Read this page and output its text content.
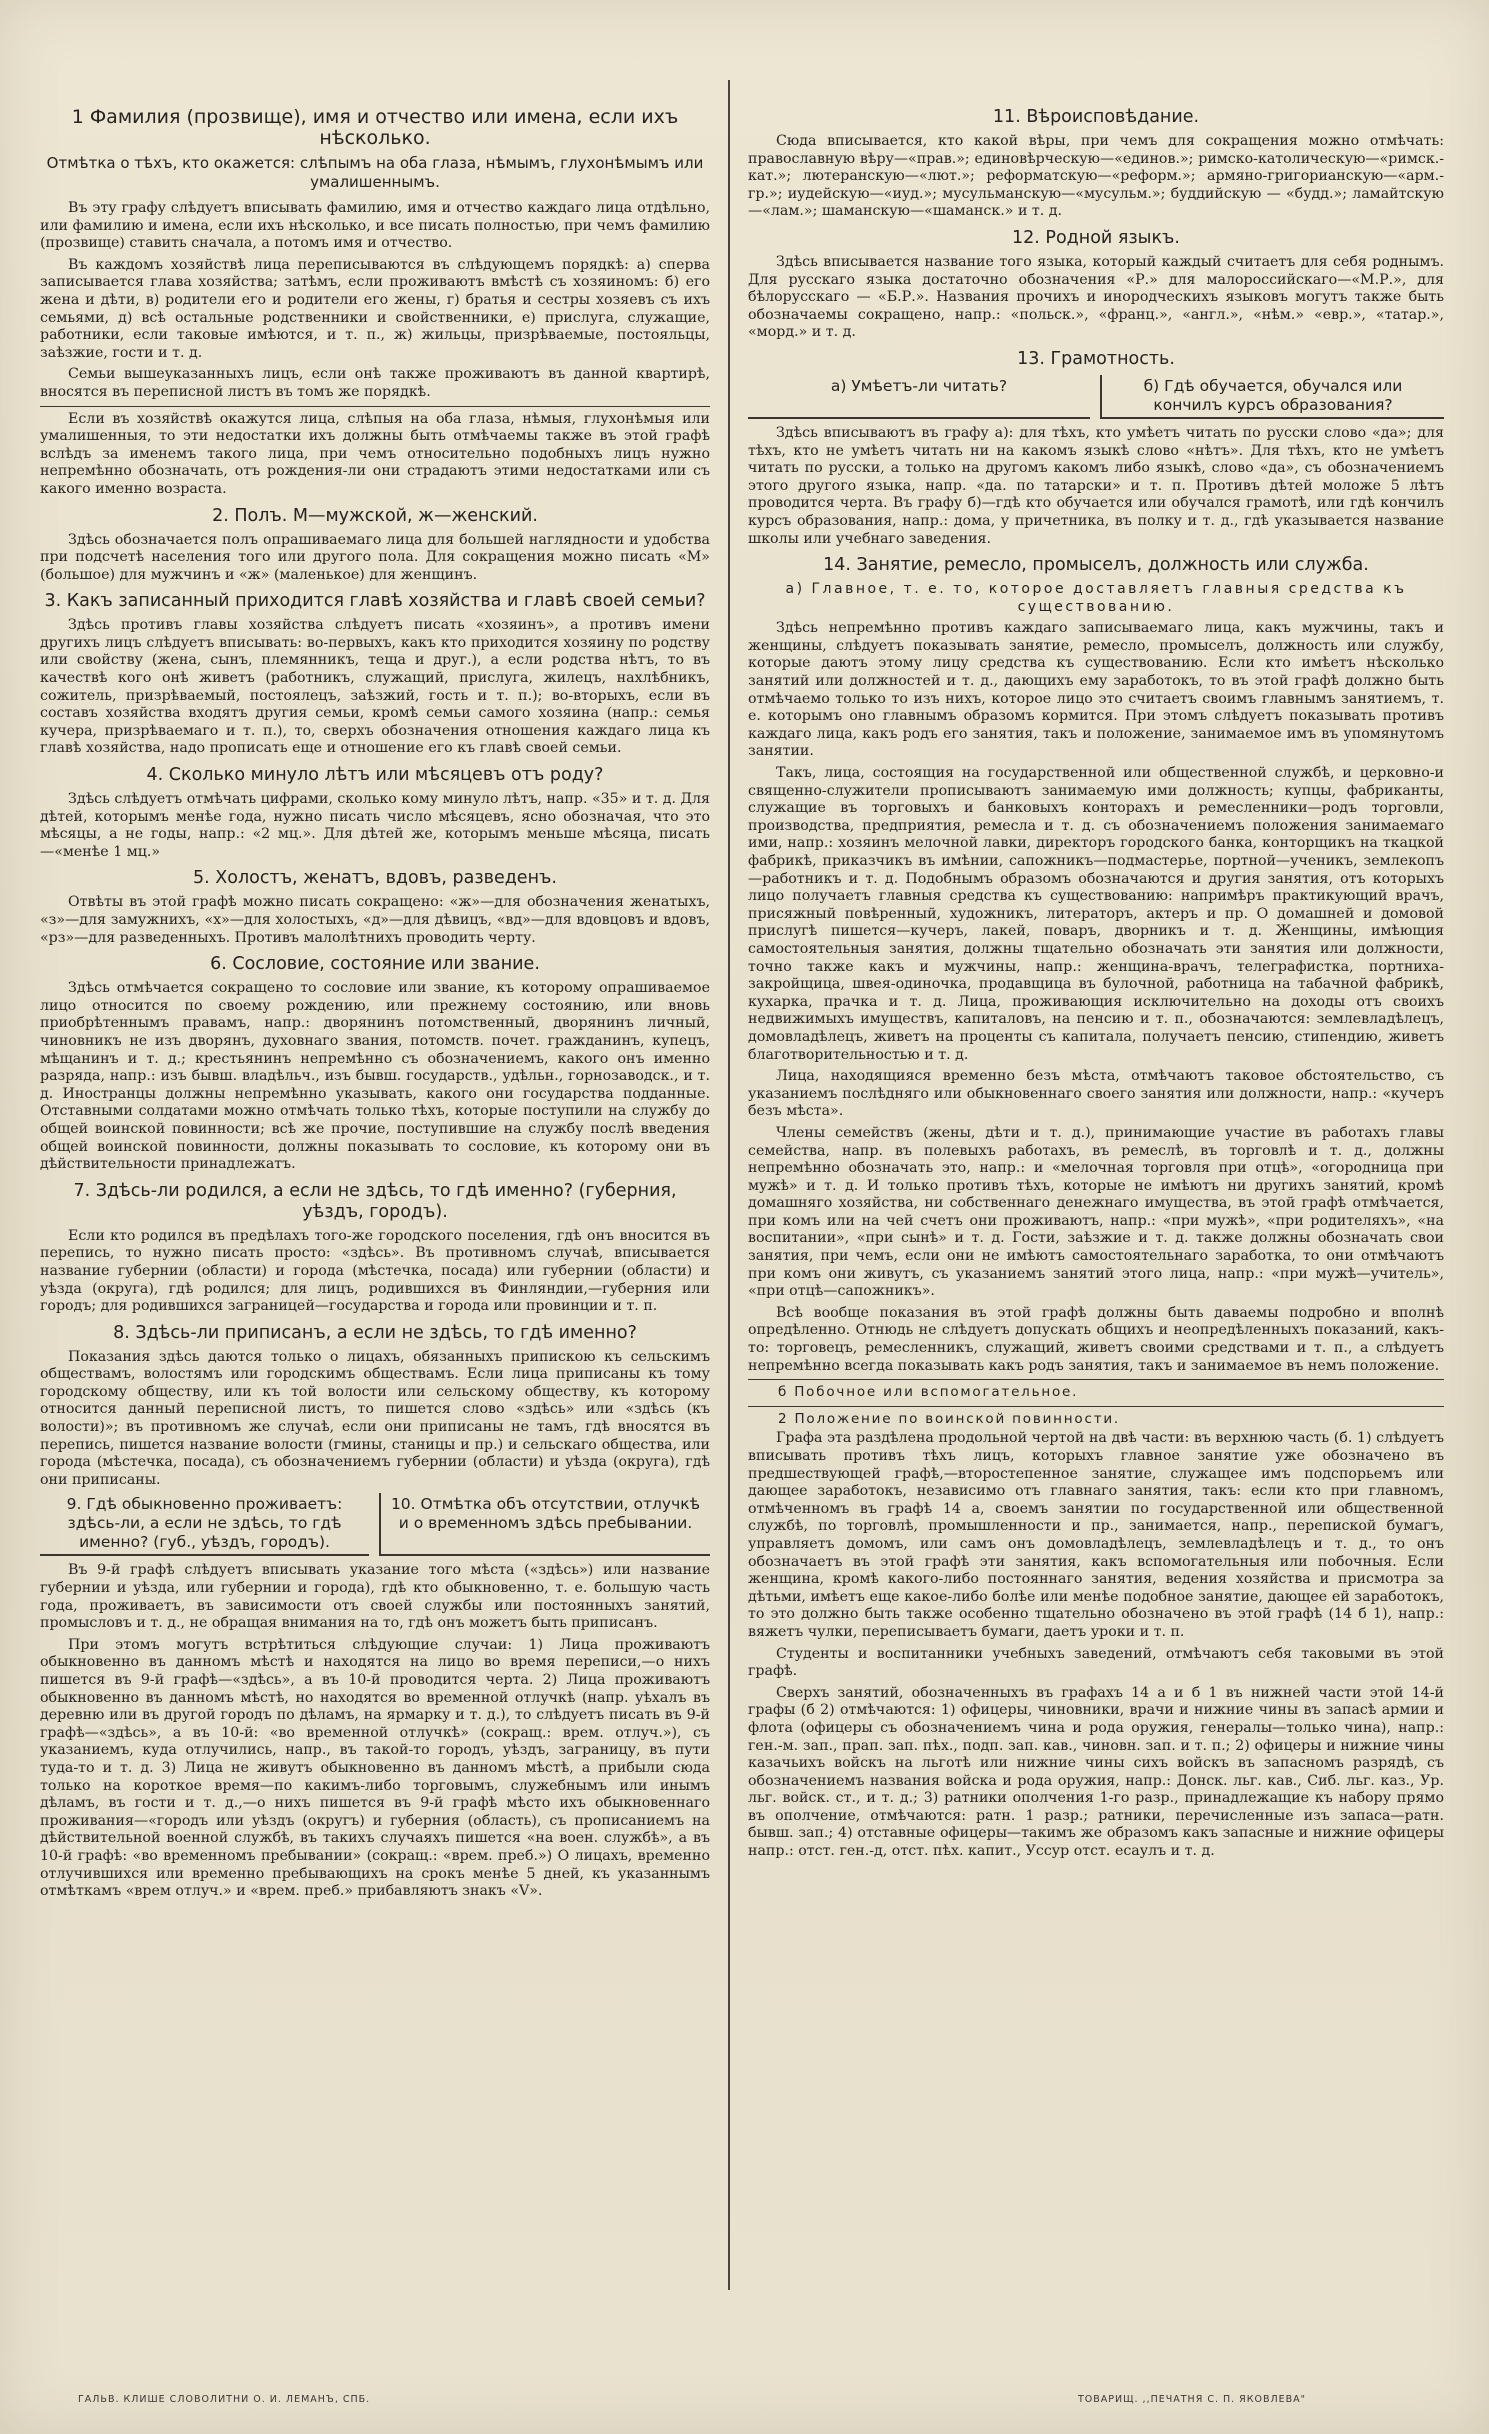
1 Фамилия (прозвище), имя и отчество или имена, если ихъ нѣсколько.
Отмѣтка о тѣхъ, кто окажется: слѣпымъ на оба глаза, нѣмымъ, глухонѣмымъ или умалишеннымъ.

Въ эту графу слѣдуетъ вписывать фамилию, имя и отчество каждаго лица отдѣльно, или фамилию и имена, если ихъ нѣсколько, и все писать полностью, при чемъ фамилию (прозвище) ставить сначала, а потомъ имя и отчество.

Въ каждомъ хозяйствѣ лица переписываются въ слѣдующемъ порядкѣ: а) сперва записывается глава хозяйства; затѣмъ, если проживаютъ вмѣстѣ съ хозяиномъ: б) его жена и дѣти, в) родители его и родители его жены, г) братья и сестры хозяевъ съ ихъ семьями, д) всѣ остальные родственники и свойственники, е) прислуга, служащие, работники, если таковые имѣются, и т. п., ж) жильцы, призрѣваемые, постояльцы, заѣзжие, гости и т. д.

Семьи вышеуказанныхъ лицъ, если онѣ также проживаютъ въ данной квартирѣ, вносятся въ переписной листъ въ томъ же порядкѣ.

Если въ хозяйствѣ окажутся лица, слѣпыя на оба глаза, нѣмыя, глухонѣмыя или умалишенныя, то эти недостатки ихъ должны быть отмѣчаемы также въ этой графѣ вслѣдъ за именемъ такого лица, при чемъ относительно подобныхъ лицъ нужно непремѣнно обозначать, отъ рождения-ли они страдаютъ этими недостатками или съ какого именно возраста.

2. Полъ. М—мужской, ж—женский.

Здѣсь обозначается полъ опрашиваемаго лица для большей наглядности и удобства при подсчетѣ населения того или другого пола. Для сокращения можно писать «М» (большое) для мужчинъ и «ж» (маленькое) для женщинъ.

3. Какъ записанный приходится главѣ хозяйства и главѣ своей семьи?

Здѣсь противъ главы хозяйства слѣдуетъ писать «хозяинъ», а противъ имени другихъ лицъ слѣдуетъ вписывать: во-первыхъ, какъ кто приходится хозяину по родству или свойству (жена, сынъ, племянникъ, теща и друг.), а если родства нѣтъ, то въ качествѣ кого онѣ живетъ (работникъ, служащий, прислуга, жилецъ, нахлѣбникъ, сожитель, призрѣваемый, постоялецъ, заѣзжий, гость и т. п.); во-вторыхъ, если въ составъ хозяйства входятъ другия семьи, кромѣ семьи самого хозяина (напр.: семья кучера, призрѣваемаго и т. п.), то, сверхъ обозначения отношения каждаго лица къ главѣ хозяйства, надо прописать еще и отношение его къ главѣ своей семьи.

4. Сколько минуло лѣтъ или мѣсяцевъ отъ роду?

Здѣсь слѣдуетъ отмѣчать цифрами, сколько кому минуло лѣтъ, напр. «35» и т. д. Для дѣтей, которымъ менѣе года, нужно писать число мѣсяцевъ, ясно обозначая, что это мѣсяцы, а не годы, напр.: «2 мц.». Для дѣтей же, которымъ меньше мѣсяца, писать—«менѣе 1 мц.»

5. Холостъ, женатъ, вдовъ, разведенъ.

Отвѣты въ этой графѣ можно писать сокращено: «ж»—для обозначения женатыхъ, «з»—для замужнихъ, «х»—для холостыхъ, «д»—для дѣвицъ, «вд»—для вдовцовъ и вдовъ, «рз»—для разведенныхъ. Противъ малолѣтнихъ проводить черту.

6. Сословие, состояние или звание.

Здѣсь отмѣчается сокращено то сословие или звание, къ которому опрашиваемое лицо относится по своему рождению, или прежнему состоянию, или вновь приобрѣтеннымъ правамъ, напр.: дворянинъ потомственный, дворянинъ личный, чиновникъ не изъ дворянъ, духовнаго звания, потомств. почет. гражданинъ, купецъ, мѣщанинъ и т. д.; крестьянинъ непремѣнно съ обозначениемъ, какого онъ именно разряда, напр.: изъ бывш. владѣльч., изъ бывш. государств., удѣльн., горнозаводск., и т. д. Иностранцы должны непремѣнно указывать, какого они государства подданные. Отставными солдатами можно отмѣчать только тѣхъ, которые поступили на службу до общей воинской повинности; всѣ же прочие, поступившие на службу послѣ введения общей воинской повинности, должны показывать то сословие, къ которому они въ дѣйствительности принадлежатъ.

7. Здѣсь-ли родился, а если не здѣсь, то гдѣ именно? (губерния, уѣздъ, городъ).

Если кто родился въ предѣлахъ того-же городского поселения, гдѣ онъ вносится въ перепись, то нужно писать просто: «здѣсь». Въ противномъ случаѣ, вписывается название губернии (области) и города (мѣстечка, посада) или губернии (области) и уѣзда (округа), гдѣ родился; для лицъ, родившихся въ Финляндии,—губерния или городъ; для родившихся заграницей—государства и города или провинции и т. п.

8. Здѣсь-ли приписанъ, а если не здѣсь, то гдѣ именно?

Показания здѣсь даются только о лицахъ, обязанныхъ припискою къ сельскимъ обществамъ, волостямъ или городскимъ обществамъ. Если лица приписаны къ тому городскому обществу, или къ той волости или сельскому обществу, къ которому относится данный переписной листъ, то пишется слово «здѣсь» или «здѣсь (къ волости)»; въ противномъ же случаѣ, если они приписаны не тамъ, гдѣ вносятся въ перепись, пишется название волости (гмины, станицы и пр.) и сельскаго общества, или города (мѣстечка, посада), съ обозначениемъ губернии (области) и уѣзда (округа), гдѣ они приписаны.

9. Гдѣ обыкновенно проживаетъ: здѣсь-ли, а если не здѣсь, то гдѣ именно? (губ., уѣздъ, городъ).
10. Отмѣтка объ отсутствии, отлучкѣ и о временномъ здѣсь пребывании.

Въ 9-й графѣ слѣдуетъ вписывать указание того мѣста («здѣсь») или название губернии и уѣзда, или губернии и города), гдѣ кто обыкновенно, т. е. большую часть года, проживаетъ, въ зависимости отъ своей службы или постоянныхъ занятий, промысловъ и т. д., не обращая внимания на то, гдѣ онъ можетъ быть приписанъ.

При этомъ могутъ встрѣтиться слѣдующие случаи: 1) Лица проживаютъ обыкновенно въ данномъ мѣстѣ и находятся на лицо во время переписи,—о нихъ пишется въ 9-й графѣ—«здѣсь», а въ 10-й проводится черта. 2) Лица проживаютъ обыкновенно въ данномъ мѣстѣ, но находятся во временной отлучкѣ (напр. уѣхалъ въ деревню или въ другой городъ по дѣламъ, на ярмарку и т. д.), то слѣдуетъ писать въ 9-й графѣ—«здѣсь», а въ 10-й: «во временной отлучкѣ» (сокращ.: врем. отлуч.»), съ указаниемъ, куда отлучились, напр., въ такой-то городъ, уѣздъ, заграницу, въ пути туда-то и т. д. 3) Лица не живутъ обыкновенно въ данномъ мѣстѣ, а прибыли сюда только на короткое время—по какимъ-либо торговымъ, служебнымъ или инымъ дѣламъ, въ гости и т. д.,—о нихъ пишется въ 9-й графѣ мѣсто ихъ обыкновеннаго проживания—«городъ или уѣздъ (округъ) и губерния (область), съ прописаниемъ на дѣйствительной военной службѣ, въ такихъ случаяхъ пишется «на воен. службѣ», а въ 10-й графѣ: «во временномъ пребывании» (сокращ.: «врем. преб.») О лицахъ, временно отлучившихся или временно пребывающихъ на срокъ менѣе 5 дней, къ указаннымъ отмѣткамъ «врем отлуч.» и «врем. преб.» прибавляютъ знакъ «V».

11. Вѣроисповѣдание.

Сюда вписывается, кто какой вѣры, при чемъ для сокращения можно отмѣчать: православную вѣру—«прав.»; единовѣрческую—«единов.»; римско-католическую—«римск.-кат.»; лютеранскую—«лют.»; реформатскую—«реформ.»; армяно-григорианскую—«арм.-гр.»; иудейскую—«иуд.»; мусульманскую—«мусульм.»; буддийскую — «будд.»; ламайтскую—«лам.»; шаманскую—«шаманск.» и т. д.

12. Родной языкъ.

Здѣсь вписывается название того языка, который каждый считаетъ для себя роднымъ. Для русскаго языка достаточно обозначения «Р.» для малороссийскаго—«М.Р.», для бѣлорусскаго — «Б.Р.». Названия прочихъ и инородческихъ языковъ могутъ также быть обозначаемы сокращено, напр.: «польск.», «франц.», «англ.», «нѣм.» «евр.», «татар.», «морд.» и т. д.

13. Грамотность.
а) Умѣетъ-ли читать?	б) Гдѣ обучается, обучался или кончилъ курсъ образования?

Здѣсь вписываютъ въ графу а): для тѣхъ, кто умѣетъ читать по русски слово «да»; для тѣхъ, кто не умѣетъ читать ни на какомъ языкѣ слово «нѣтъ». Для тѣхъ, кто не умѣетъ читать по русски, а только на другомъ какомъ либо языкѣ, слово «да», съ обозначениемъ этого другого языка, напр. «да. по татарски» и т. п. Противъ дѣтей моложе 5 лѣтъ проводится черта. Въ графу б)—гдѣ кто обучается или обучался грамотѣ, или гдѣ кончилъ курсъ образования, напр.: дома, у причетника, въ полку и т. д., гдѣ указывается название школы или учебнаго заведения.

14. Занятие, ремесло, промыселъ, должность или служба.
а) Главное, т. е. то, которое доставляетъ главныя средства къ существованию.

Здѣсь непремѣнно противъ каждаго записываемаго лица, какъ мужчины, такъ и женщины, слѣдуетъ показывать занятие, ремесло, промыселъ, должность или службу, которые даютъ этому лицу средства къ существованию. Если кто имѣетъ нѣсколько занятий или должностей и т. д., дающихъ ему заработокъ, то въ этой графѣ должно быть отмѣчаемо только то изъ нихъ, которое лицо это считаетъ своимъ главнымъ занятиемъ, т. е. которымъ оно главнымъ образомъ кормится. При этомъ слѣдуетъ показывать противъ каждаго лица, какъ родъ его занятия, такъ и положение, занимаемое имъ въ упомянутомъ занятии.

Такъ, лица, состоящия на государственной или общественной службѣ, и церковно-и священно-служители прописываютъ занимаемую ими должность; купцы, фабриканты, служащие въ торговыхъ и банковыхъ конторахъ и ремесленники—родъ торговли, производства, предприятия, ремесла и т. д. съ обозначениемъ положения занимаемаго ими, напр.: хозяинъ мелочной лавки, директоръ городского банка, конторщикъ на ткацкой фабрикѣ, приказчикъ въ имѣнии, сапожникъ—подмастерье, портной—ученикъ, землекопъ—работникъ и т. д. Подобнымъ образомъ обозначаются и другия занятия, отъ которыхъ лицо получаетъ главныя средства къ существованию: напримѣръ практикующий врачъ, присяжный повѣренный, художникъ, литераторъ, актеръ и пр. О домашней и домовой прислугѣ пишется—кучеръ, лакей, поваръ, дворникъ и т. д. Женщины, имѣющия самостоятельныя занятия, должны тщательно обозначать эти занятия или должности, точно также какъ и мужчины, напр.: женщина-врачъ, телеграфистка, портниха-закройщица, швея-одиночка, продавщица въ булочной, работница на табачной фабрикѣ, кухарка, прачка и т. д. Лица, проживающия исключительно на доходы отъ своихъ недвижимыхъ имуществъ, капиталовъ, на пенсию и т. п., обозначаются: землевладѣлецъ, домовладѣлецъ, живетъ на проценты съ капитала, получаетъ пенсию, стипендию, живетъ благотворительностью и т. д.

Лица, находящияся временно безъ мѣста, отмѣчаютъ таковое обстоятельство, съ указаниемъ послѣдняго или обыкновеннаго своего занятия или должности, напр.: «кучеръ безъ мѣста».

Члены семействъ (жены, дѣти и т. д.), принимающие участие въ работахъ главы семейства, напр. въ полевыхъ работахъ, въ ремеслѣ, въ торговлѣ и т. д., должны непремѣнно обозначать это, напр.: и «мелочная торговля при отцѣ», «огородница при мужѣ» и т. д. И только противъ тѣхъ, которые не имѣютъ ни другихъ занятий, кромѣ домашняго хозяйства, ни собственнаго денежнаго имущества, въ этой графѣ отмѣчается, при комъ или на чей счетъ они проживаютъ, напр.: «при мужѣ», «при родителяхъ», «на воспитании», «при сынѣ» и т. д. Гости, заѣзжие и т. д. также должны обозначать свои занятия, при чемъ, если они не имѣютъ самостоятельнаго заработка, то они отмѣчаютъ при комъ они живутъ, съ указаниемъ занятий этого лица, напр.: «при мужѣ—учитель», «при отцѣ—сапожникъ».

Всѣ вообще показания въ этой графѣ должны быть даваемы подробно и вполнѣ опредѣленно. Отнюдь не слѣдуетъ допускать общихъ и неопредѣленныхъ показаний, какъ-то: торговецъ, ремесленникъ, служащий, живетъ своими средствами и т. п., а слѣдуетъ непремѣнно всегда показывать какъ родъ занятия, такъ и занимаемое въ немъ положение.

б Побочное или вспомогательное.
2 Положение по воинской повинности.

Графа эта раздѣлена продольной чертой на двѣ части: въ верхнюю часть (б. 1) слѣдуетъ вписывать противъ тѣхъ лицъ, которыхъ главное занятие уже обозначено въ предшествующей графѣ,—второстепенное занятие, служащее имъ подспорьемъ или дающее заработокъ, независимо отъ главнаго занятия, такъ: если кто при главномъ, отмѣченномъ въ графѣ 14 а, своемъ занятии по государственной или общественной службѣ, по торговлѣ, промышленности и пр., занимается, напр., перепиской бумагъ, управляетъ домомъ, или самъ онъ домовладѣлецъ, землевладѣлецъ и т. д., то онъ обозначаетъ въ этой графѣ эти занятия, какъ вспомогательныя или побочныя. Если женщина, кромѣ какого-либо постояннаго занятия, ведения хозяйства и присмотра за дѣтьми, имѣетъ еще какое-либо болѣе или менѣе подобное занятие, дающее ей заработокъ, то это должно быть также особенно тщательно обозначено въ этой графѣ (14 б 1), напр.: вяжетъ чулки, переписываетъ бумаги, даетъ уроки и т. п.

Студенты и воспитанники учебныхъ заведений, отмѣчаютъ себя таковыми въ этой графѣ.

Сверхъ занятий, обозначенныхъ въ графахъ 14 а и б 1 въ нижней части этой 14-й графы (б 2) отмѣчаются: 1) офицеры, чиновники, врачи и нижние чины въ запасѣ армии и флота (офицеры съ обозначениемъ чина и рода оружия, генералы—только чина), напр.: ген.-м. зап., прап. зап. пѣх., подп. зап. кав., чиновн. зап. и т. п.; 2) офицеры и нижние чины казачьихъ войскъ на льготѣ или нижние чины сихъ войскъ въ запасномъ разрядѣ, съ обозначениемъ названия войска и рода оружия, напр.: Донск. льг. кав., Сиб. льг. каз., Ур. льг. войск. ст., и т. д.; 3) ратники ополчения 1-го разр., принадлежащие къ набору прямо въ ополчение, отмѣчаются: ратн. 1 разр.; ратники, перечисленные изъ запаса—ратн. бывш. зап.; 4) отставные офицеры—такимъ же образомъ какъ запасные и нижние офицеры напр.: отст. ген.-д, отст. пѣх. капит., Уссур отст. есаулъ и т. д.

ГАЛЬВ. КЛИШЕ СЛОВОЛИТНИ О. И. ЛЕМАНЪ, СПБ.	ТОВАРИЩ. ,,ПЕЧАТНЯ С. П. ЯКОВЛЕВА"
